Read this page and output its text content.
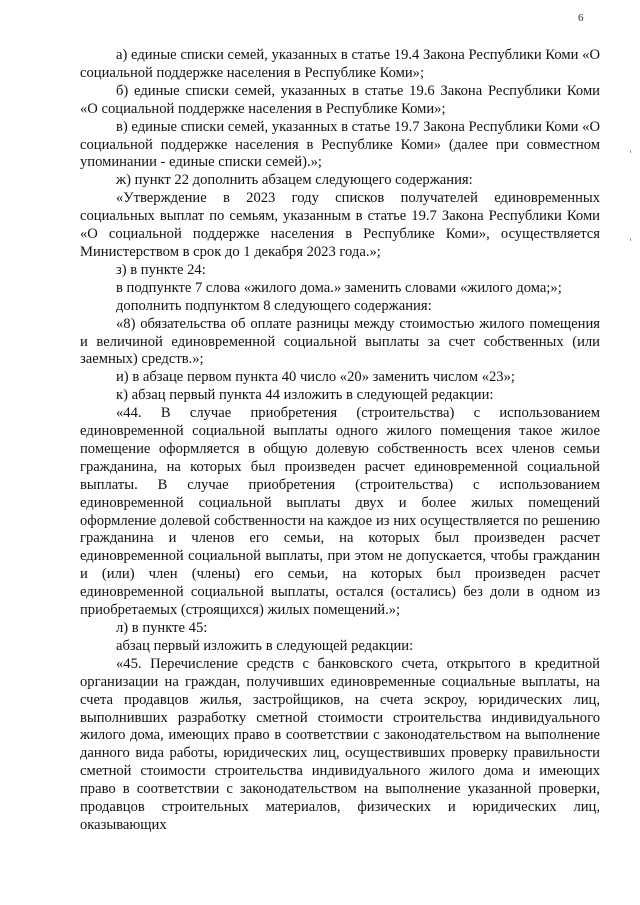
6

а) единые списки семей, указанных в статье 19.4 Закона Республики Коми «О социальной поддержке населения в Республике Коми»;

б) единые списки семей, указанных в статье 19.6 Закона Республики Коми «О социальной поддержке населения в Республике Коми»;

в) единые списки семей, указанных в статье 19.7 Закона Республики Коми «О социальной поддержке населения в Республике Коми» (далее при совместном упоминании - единые списки семей).»;

ж) пункт 22 дополнить абзацем следующего содержания:

«Утверждение в 2023 году списков получателей единовременных социальных выплат по семьям, указанным в статье 19.7 Закона Республики Коми «О социальной поддержке населения в Республике Коми», осуществляется Министерством в срок до 1 декабря 2023 года.»;

з) в пункте 24:

в подпункте 7 слова «жилого дома.» заменить словами «жилого дома;»;

дополнить подпунктом 8 следующего содержания:

«8) обязательства об оплате разницы между стоимостью жилого помещения и величиной единовременной социальной выплаты за счет собственных (или заемных) средств.»;

и) в абзаце первом пункта 40 число «20» заменить числом «23»;

к) абзац первый пункта 44 изложить в следующей редакции:

«44. В случае приобретения (строительства) с использованием единовременной социальной выплаты одного жилого помещения такое жилое помещение оформляется в общую долевую собственность всех членов семьи гражданина, на которых был произведен расчет единовременной социальной выплаты. В случае приобретения (строительства) с использованием единовременной социальной выплаты двух и более жилых помещений оформление долевой собственности на каждое из них осуществляется по решению гражданина и членов его семьи, на которых был произведен расчет единовременной социальной выплаты, при этом не допускается, чтобы гражданин и (или) член (члены) его семьи, на которых был произведен расчет единовременной социальной выплаты, остался (остались) без доли в одном из приобретаемых (строящихся) жилых помещений.»;

л) в пункте 45:

абзац первый изложить в следующей редакции:

«45. Перечисление средств с банковского счета, открытого в кредитной организации на граждан, получивших единовременные социальные выплаты, на счета продавцов жилья, застройщиков, на счета эскроу, юридических лиц, выполнивших разработку сметной стоимости строительства индивидуального жилого дома, имеющих право в соответствии с законодательством на выполнение данного вида работы, юридических лиц, осуществивших проверку правильности сметной стоимости строительства индивидуального жилого дома и имеющих право в соответствии с законодательством на выполнение указанной проверки, продавцов строительных материалов, физических и юридических лиц, оказывающих
